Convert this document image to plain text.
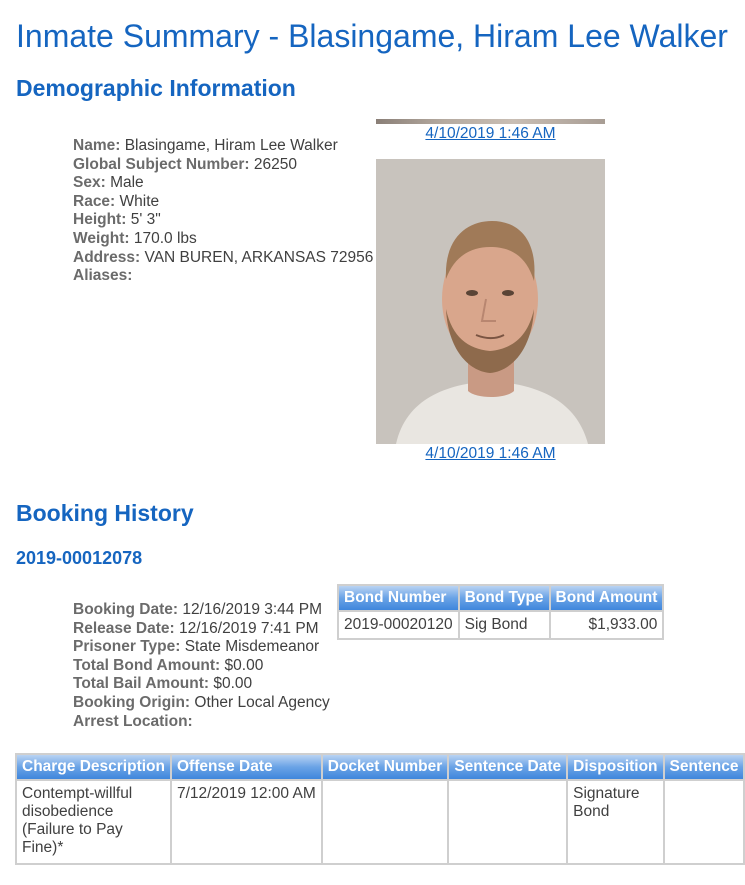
Inmate Summary - Blasingame, Hiram Lee Walker
Demographic Information
Name: Blasingame, Hiram Lee Walker
Global Subject Number: 26250
Sex: Male
Race: White
Height: 5' 3"
Weight: 170.0 lbs
Address: VAN BUREN, ARKANSAS 72956
Aliases:
4/10/2019 1:46 AM
4/10/2019 1:46 AM
Booking History
2019-00012078
Booking Date: 12/16/2019 3:44 PM
Release Date: 12/16/2019 7:41 PM
Prisoner Type: State Misdemeanor
Total Bond Amount: $0.00
Total Bail Amount: $0.00
Booking Origin: Other Local Agency
Arrest Location:
Bond Number	Bond Type	Bond Amount
2019-00020120	Sig Bond	$1,933.00
Charge Description	Offense Date	Docket Number	Sentence Date	Disposition	Sentence
Contempt-willful disobedience (Failure to Pay Fine)*	7/12/2019 12:00 AM			Signature Bond	
